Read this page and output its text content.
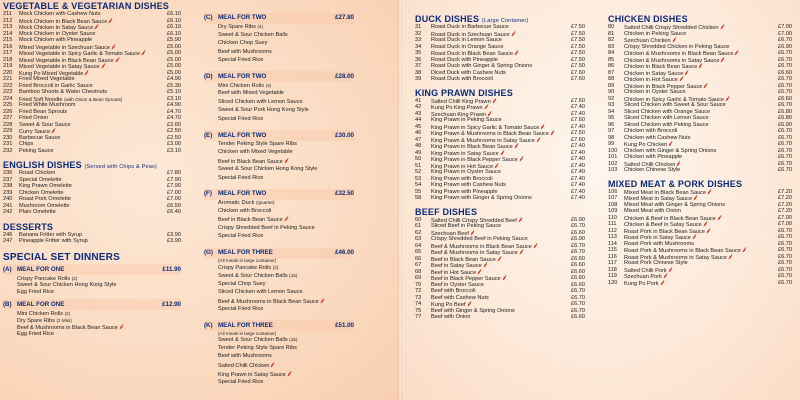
VEGETABLE & VEGETARIAN DISHES
211	Mock Chicken with Cashew Nuts	£6.10
212	Mock Chicken in Black Bean Sauce	£6.10
213	Mock Chicken in Satay Sauce	£6.10
214	Mock Chicken in Oyster Sauce	£6.10
215	Mock Chicken with Pineapple	£5.90
216	Mixed Vegetable in Szechuan Sauce	£5.00
217	Mixed Vegetable in Spicy Garlic & Tomato Sauce	£5.00
218	Mixed Vegetable in Black Bean Sauce	£5.00
219	Mixed Vegetable in Satay Sauce	£5.00
220	Kung Po Mixed Vegetable	£5.00
221	Fried Mixed Vegetable	£4.90
222	Fried Broccoli in Garlic Sauce	£5.30
223	Bamboo Shoots & Water Chestnuts	£5.10
224	Fried Soft Noodle (with Onion & Bean Sprouts)	£3.10
225	Fried White Mushroom	£4.90
226	Fried Bean Sprouts	£4.70
227	Fried Onion	£4.70
228	Sweet & Sour Sauce	£2.60
229	Curry Sauce	£2.50
230	Barbecue Sauce	£2.50
231	Chips	£3.00
232	Peking Sauce	£3.10
ENGLISH DISHES (Served with Chips & Peas)
236	Roast Chicken	£7.80
237	Special Omelette	£7.90
238	King Prawn Omelette	£7.90
239	Chicken Omelette	£7.00
240	Roast Pork Omelette	£7.00
241	Mushroom Omelette	£6.50
242	Plain Omelette	£6.40
DESSERTS
246	Banana Fritter with Syrup	£3.90
247	Pineapple Fritter with Syrup	£3.90
SPECIAL SET DINNERS
(A) MEAL FOR ONE	£11.90
Crispy Pancake Rolls (2)
Sweet & Sour Chicken Hong Kong Style
Egg Fried Rice
(B) MEAL FOR ONE	£12.90
Mini Chicken Rolls (2)
Dry Spare Ribs (2 Mini)
Beef & Mushrooms in Black Bean Sauce
Egg Fried Rice
(C) MEAL FOR TWO	£27.80
Dry Spare Ribs (4)
Sweet & Sour Chicken Balls
Chicken Chop Suey
Beef with Mushrooms
Special Fried Rice
(D) MEAL FOR TWO	£28.00
Mini Chicken Rolls (4)
Beef with Mixed Vegetable
Sliced Chicken with Lemon Sauce
Sweet & Sour Pork Hong Kong Style
Special Fried Rice
(E) MEAL FOR TWO	£30.00
Tender Peking Style Spare Ribs
Chicken with Mixed Vegetable
Beef in Black Bean Sauce
Sweet & Sour Chicken Hong Kong Style
Special Fried Rice
(F) MEAL FOR TWO	£32.50
Aromatic Duck (Quarter)
Chicken with Broccoli
Beef in Black Bean Sauce
Crispy Shredded Beef in Peking Sauce
Special Fried Rice
(G) MEAL FOR THREE	£46.00
(All meals in large container)
Crispy Pancake Rolls (3)
Sweet & Sour Chicken Balls (15)
Special Chop Suey
Sliced Chicken with Lemon Sauce
Beef & Mushrooms in Black Bean Sauce
Special Fried Rice
(K) MEAL FOR THREE	£51.00
(All meals in large container)
Sweet & Sour Chicken Balls (15)
Tender Peking Style Spare Ribs
Beef with Mushrooms
Salted Chilli Chicken
King Prawn in Satay Sauce
Special Fried Rice
DUCK DISHES (Large Container)
31	Roast Duck in Barbecue Sauce	£7.50
32	Roast Duck in Szechuan Sauce	£7.50
33	Roast Duck in Lemon Sauce	£7.50
34	Roast Duck in Orange Sauce	£7.50
35	Roast Duck in Black Bean Sauce	£7.50
36	Roast Duck with Pineapple	£7.50
37	Roast Duck with Ginger & Spring Onions	£7.50
38	Diced Duck with Cashew Nuts	£7.60
39	Roast Duck with Broccoli	£7.60
KING PRAWN DISHES
41	Salted Chilli King Prawn	£7.60
42	Kung Po King Prawn	£7.40
43	Szechuan King Prawn	£7.40
44	King Prawn in Peking Sauce	£7.60
45	King Prawn in Spicy Garlic & Tomato Sauce	£7.40
46	King Prawn & Mushrooms in Black Bean Sauce	£7.50
47	King Prawn & Mushrooms in Satay Sauce	£7.60
48	King Prawn in Black Bean Sauce	£7.40
49	King Prawn in Satay Sauce	£7.40
50	King Prawn in Black Pepper Sauce	£7.40
51	King Prawn in Hot Sauce	£7.40
52	King Prawn in Oyster Sauce	£7.40
53	King Prawn with Broccoli	£7.40
54	King Prawn with Cashew Nuts	£7.40
55	King Prawn with Pineapple	£7.40
58	King Prawn with Ginger & Spring Onions	£7.40
BEEF DISHES
60	Salted Chilli Crispy Shredded Beef	£6.90
61	Sliced Beef in Peking Sauce	£6.70
62	Szechuan Beef	£6.60
63	Crispy Shredded Beef in Peking Sauce	£6.90
64	Beef & Mushrooms in Black Bean Sauce	£6.70
65	Beef & Mushrooms in Satay Sauce	£6.70
66	Beef in Black Bean Sauce	£6.60
67	Beef in Satay Sauce	£6.60
68	Beef in Hot Sauce	£6.60
69	Beef in Black Pepper Sauce	£6.60
70	Beef in Oyster Sauce	£6.60
72	Beef with Broccoli	£6.70
73	Beef with Cashew Nuts	£6.70
74	Kung Po Beef	£6.70
75	Beef with Ginger & Spring Onions	£6.70
77	Beef with Onion	£6.60
CHICKEN DISHES
80	Salted Chilli Crispy Shredded Chicken	£7.00
81	Chicken in Peking Sauce	£7.00
82	Szechuan Chicken	£6.70
83	Crispy Shredded Chicken in Peking Sauce	£6.90
84	Chicken & Mushrooms in Black Bean Sauce	£6.70
85	Chicken & Mushrooms in Satay Sauce	£6.70
86	Chicken in Black Bean Sauce	£6.70
87	Chicken in Satay Sauce	£6.60
88	Chicken in Hot Sauce	£6.70
89	Chicken in Black Pepper Sauce	£6.70
90	Chicken in Oyster Sauce	£6.70
92	Chicken in Spicy Garlic & Tomato Sauce	£6.60
93	Sliced Chicken with Sweet & Sour Sauce	£6.70
94	Sliced Chicken with Orange Sauce	£6.80
95	Sliced Chicken with Lemon Sauce	£6.80
96	Sliced Chicken with Peking Sauce	£6.90
97	Chicken with Broccoli	£6.70
98	Chicken with Cashew Nuts	£6.70
99	Kung Po Chicken	£6.70
100	Chicken with Ginger & Spring Onions	£6.70
101	Chicken with Pineapple	£6.70
102	Salted Chilli Chicken	£6.70
103	Chicken Chinese Style	£6.70
MIXED MEAT & PORK DISHES
106	Mixed Meat in Black Bean Sauce	£7.20
107	Mixed Meat in Satay Sauce	£7.20
108	Mixed Meat with Ginger & Spring Onions	£7.20
109	Mixed Meat with Onion	£7.20
110	Chicken & Beef in Black Bean Sauce	£7.00
111	Chicken & Beef in Satay Sauce	£7.00
112	Roast Pork in Black Bean Sauce	£6.70
113	Roast Pork in Satay Sauce	£6.70
114	Roast Pork with Mushrooms	£6.70
115	Roast Pork & Mushrooms in Black Bean Sauce	£6.70
116	Roast Pork & Mushrooms in Satay Sauce	£6.70
117	Roast Pork Chinese Style	£6.70
118	Salted Chilli Pork	£6.70
119	Szechuan Pork	£6.70
120	Kung Po Pork	£6.70
